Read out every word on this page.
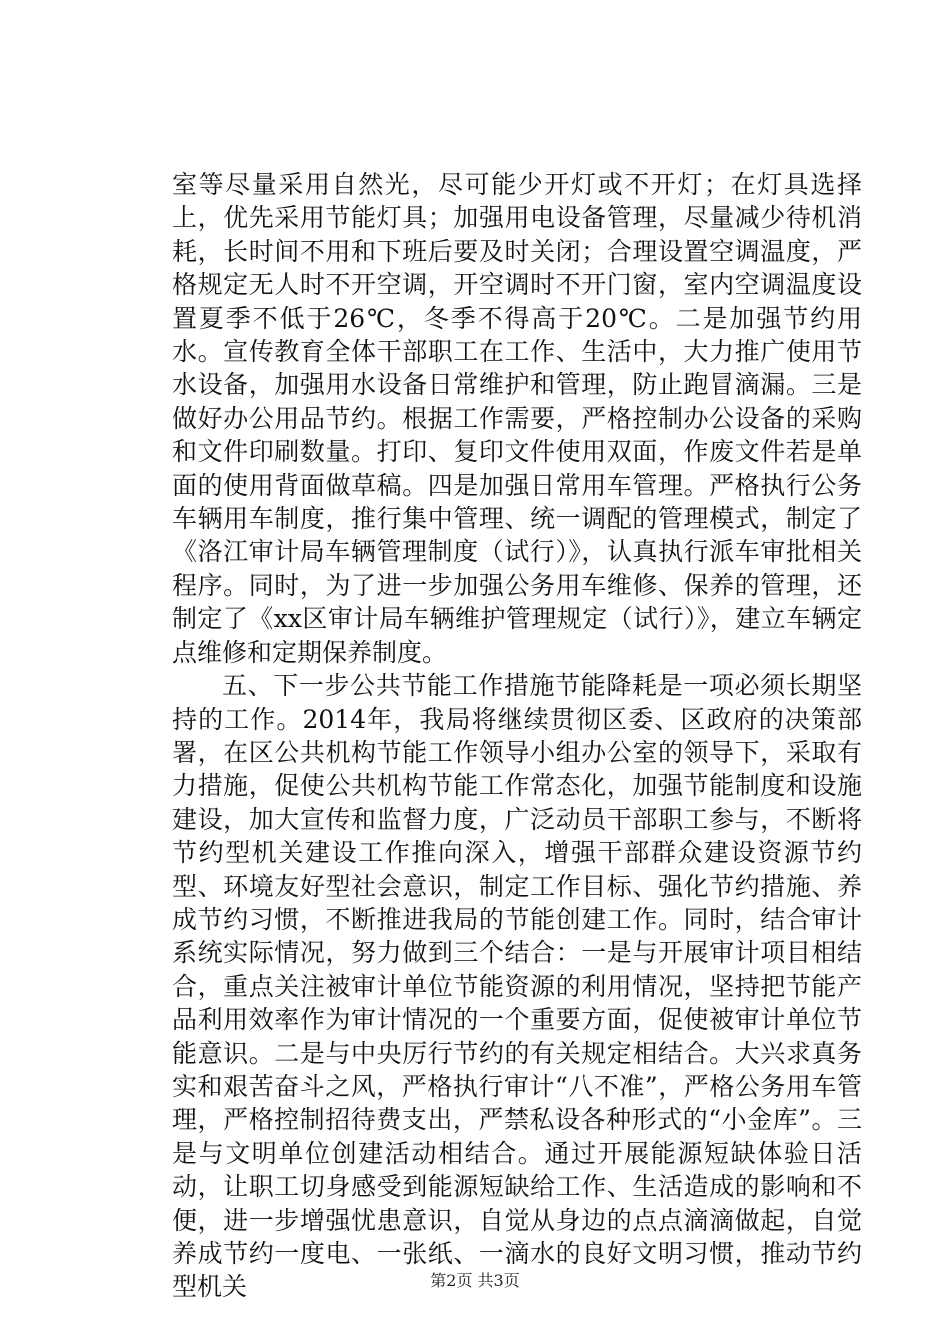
室等尽量采用自然光，尽可能少开灯或不开灯；在灯具选择上，优先采用节能灯具；加强用电设备管理，尽量减少待机消耗，长时间不用和下班后要及时关闭；合理设置空调温度，严格规定无人时不开空调，开空调时不开门窗，室内空调温度设置夏季不低于26℃，冬季不得高于20℃。二是加强节约用水。宣传教育全体干部职工在工作、生活中，大力推广使用节水设备，加强用水设备日常维护和管理，防止跑冒滴漏。三是做好办公用品节约。根据工作需要，严格控制办公设备的采购和文件印刷数量。打印、复印文件使用双面，作废文件若是单面的使用背面做草稿。四是加强日常用车管理。严格执行公务车辆用车制度，推行集中管理、统一调配的管理模式，制定了《洛江审计局车辆管理制度（试行）》，认真执行派车审批相关程序。同时，为了进一步加强公务用车维修、保养的管理，还制定了《xx区审计局车辆维护管理规定（试行）》，建立车辆定点维修和定期保养制度。

五、下一步公共节能工作措施节能降耗是一项必须长期坚持的工作。2014年，我局将继续贯彻区委、区政府的决策部署，在区公共机构节能工作领导小组办公室的领导下，采取有力措施，促使公共机构节能工作常态化，加强节能制度和设施建设，加大宣传和监督力度，广泛动员干部职工参与，不断将节约型机关建设工作推向深入，增强干部群众建设资源节约型、环境友好型社会意识，制定工作目标、强化节约措施、养成节约习惯，不断推进我局的节能创建工作。同时，结合审计系统实际情况，努力做到三个结合：一是与开展审计项目相结合，重点关注被审计单位节能资源的利用情况，坚持把节能产品利用效率作为审计情况的一个重要方面，促使被审计单位节能意识。二是与中央厉行节约的有关规定相结合。大兴求真务实和艰苦奋斗之风，严格执行审计“八不准”，严格公务用车管理，严格控制招待费支出，严禁私设各种形式的“小金库”。三是与文明单位创建活动相结合。通过开展能源短缺体验日活动，让职工切身感受到能源短缺给工作、生活造成的影响和不便，进一步增强忧患意识，自觉从身边的点点滴滴做起，自觉养成节约一度电、一张纸、一滴水的良好文明习惯，推动节约型机关	第2页 共3页
